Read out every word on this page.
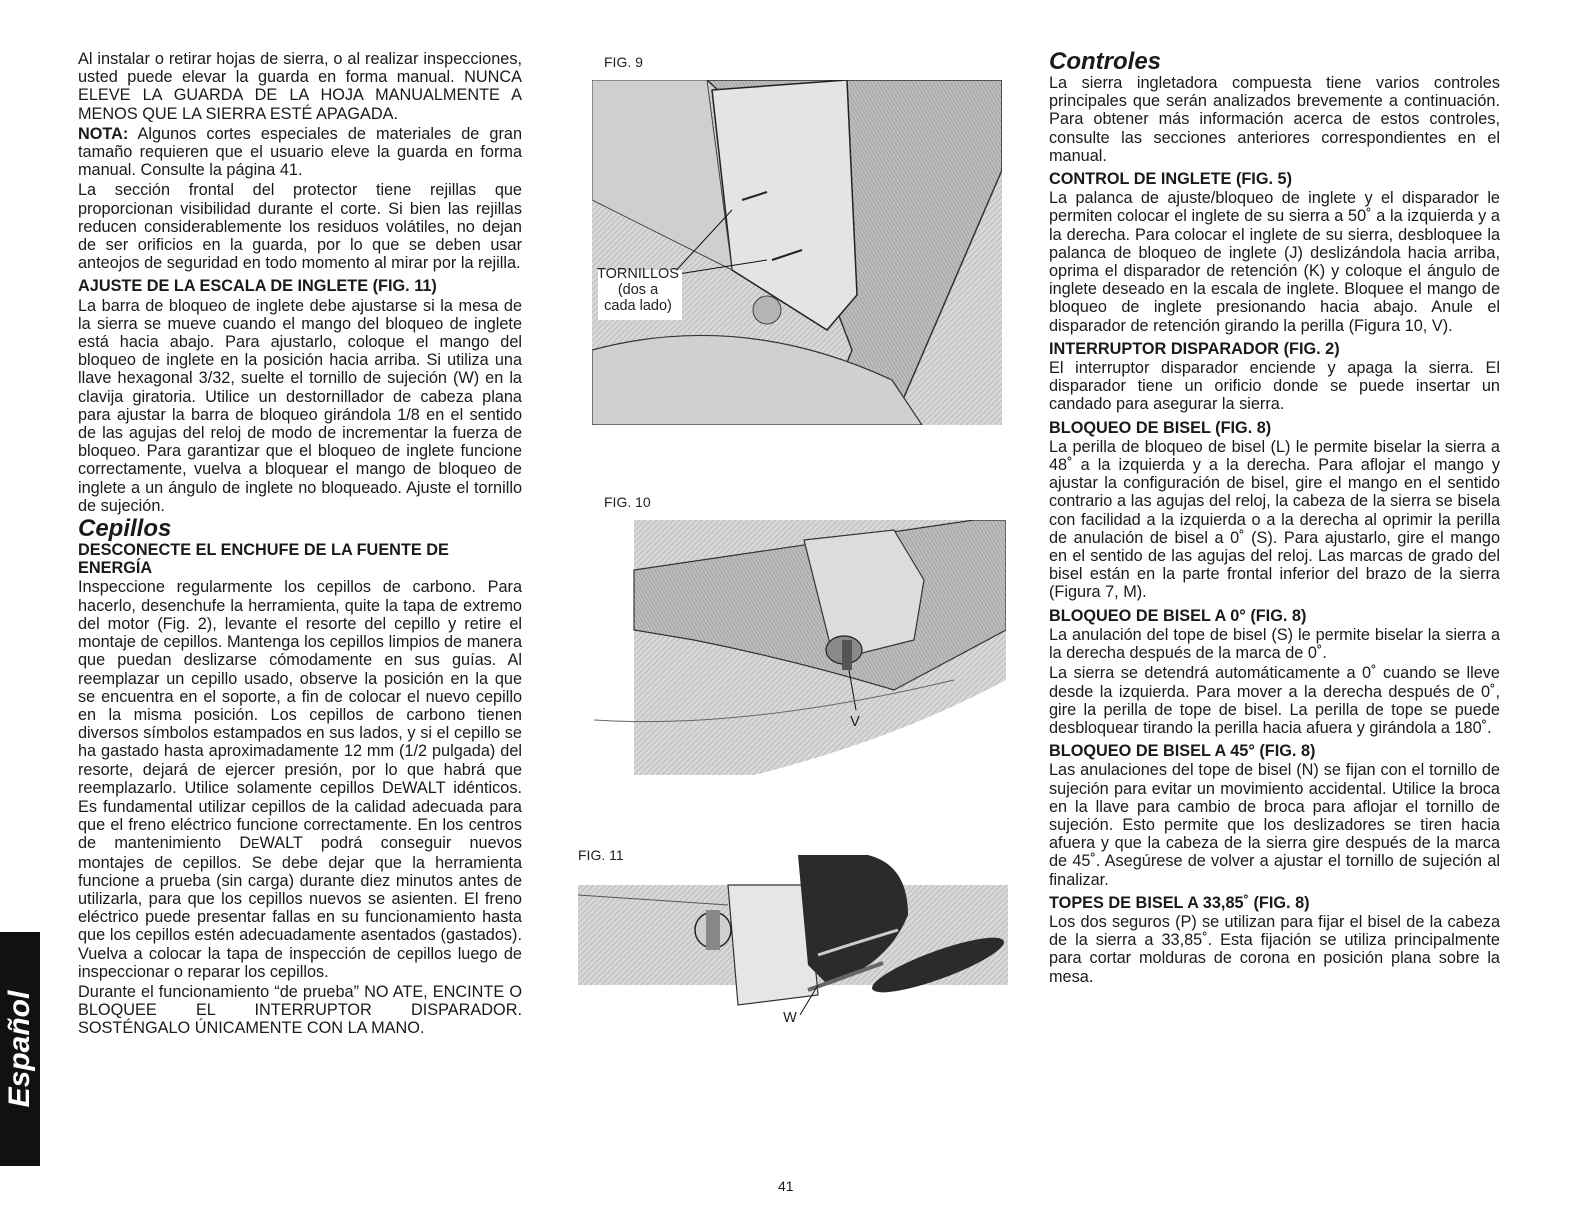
Al instalar o retirar hojas de sierra, o al realizar inspecciones, usted puede elevar la guarda en forma manual. NUNCA ELEVE LA GUARDA DE LA HOJA MANUALMENTE A MENOS QUE LA SIERRA ESTÉ APAGADA.

NOTA: Algunos cortes especiales de materiales de gran tamaño requieren que el usuario eleve la guarda en forma manual. Consulte la página 41.

La sección frontal del protector tiene rejillas que proporcionan visibilidad durante el corte. Si bien las rejillas reducen considerablemente los residuos volátiles, no dejan de ser orificios en la guarda, por lo que se deben usar anteojos de seguridad en todo momento al mirar por la rejilla.

AJUSTE DE LA ESCALA DE INGLETE (FIG. 11)

La barra de bloqueo de inglete debe ajustarse si la mesa de la sierra se mueve cuando el mango del bloqueo de inglete está hacia abajo. Para ajustarlo, coloque el mango del bloqueo de inglete en la posición hacia arriba. Si utiliza una llave hexagonal 3/32, suelte el tornillo de sujeción (W) en la clavija giratoria. Utilice un destornillador de cabeza plana para ajustar la barra de bloqueo girándola 1/8 en el sentido de las agujas del reloj de modo de incrementar la fuerza de bloqueo. Para garantizar que el bloqueo de inglete funcione correctamente, vuelva a bloquear el mango de bloqueo de inglete a un ángulo de inglete no bloqueado. Ajuste el tornillo de sujeción.

Cepillos
DESCONECTE EL ENCHUFE DE LA FUENTE DE ENERGÍA

Inspeccione regularmente los cepillos de carbono. Para hacerlo, desenchufe la herramienta, quite la tapa de extremo del motor (Fig. 2), levante el resorte del cepillo y retire el montaje de cepillos. Mantenga los cepillos limpios de manera que puedan deslizarse cómodamente en sus guías. Al reemplazar un cepillo usado, observe la posición en la que se encuentra en el soporte, a fin de colocar el nuevo cepillo en la misma posición. Los cepillos de carbono tienen diversos símbolos estampados en sus lados, y si el cepillo se ha gastado hasta aproximadamente 12 mm (1/2 pulgada) del resorte, dejará de ejercer presión, por lo que habrá que reemplazarlo. Utilice solamente cepillos DEWALT idénticos. Es fundamental utilizar cepillos de la calidad adecuada para que el freno eléctrico funcione correctamente. En los centros de mantenimiento DEWALT podrá conseguir nuevos montajes de cepillos. Se debe dejar que la herramienta funcione a prueba (sin carga) durante diez minutos antes de utilizarla, para que los cepillos nuevos se asienten. El freno eléctrico puede presentar fallas en su funcionamiento hasta que los cepillos estén adecuadamente asentados (gastados). Vuelva a colocar la tapa de inspección de cepillos luego de inspeccionar o reparar los cepillos.

Durante el funcionamiento “de prueba” NO ATE, ENCINTE O BLOQUEE EL INTERRUPTOR DISPARADOR. SOSTÉNGALO ÚNICAMENTE CON LA MANO.

FIG. 9
TORNILLOS
(dos a
cada lado)
FIG. 10
V
FIG. 11
W
Controles

La sierra ingletadora compuesta tiene varios controles principales que serán analizados brevemente a continuación. Para obtener más información acerca de estos controles, consulte las secciones anteriores correspondientes en el manual.

CONTROL DE INGLETE (FIG. 5)

La palanca de ajuste/bloqueo de inglete y el disparador le permiten colocar el inglete de su sierra a 50˚ a la izquierda y a la derecha. Para colocar el inglete de su sierra, desbloquee la palanca de bloqueo de inglete (J) deslizándola hacia arriba, oprima el disparador de retención (K) y coloque el ángulo de inglete deseado en la escala de inglete. Bloquee el mango de bloqueo de inglete presionando hacia abajo. Anule el disparador de retención girando la perilla (Figura 10, V).

INTERRUPTOR DISPARADOR (FIG. 2)

El interruptor disparador enciende y apaga la sierra. El disparador tiene un orificio donde se puede insertar un candado para asegurar la sierra.

BLOQUEO DE BISEL (FIG. 8)

La perilla de bloqueo de bisel (L) le permite biselar la sierra a 48˚ a la izquierda y a la derecha. Para aflojar el mango y ajustar la configuración de bisel, gire el mango en el sentido contrario a las agujas del reloj, la cabeza de la sierra se bisela con facilidad a la izquierda o a la derecha al oprimir la perilla de anulación de bisel a 0˚ (S). Para ajustarlo, gire el mango en el sentido de las agujas del reloj. Las marcas de grado del bisel están en la parte frontal inferior del brazo de la sierra (Figura 7, M).

BLOQUEO DE BISEL A 0° (FIG. 8)

La anulación del tope de bisel (S) le permite biselar la sierra a la derecha después de la marca de 0˚.

La sierra se detendrá automáticamente a 0˚ cuando se lleve desde la izquierda. Para mover a la derecha después de 0˚, gire la perilla de tope de bisel. La perilla de tope se puede desbloquear tirando la perilla hacia afuera y girándola a 180˚.

BLOQUEO DE BISEL A 45° (FIG. 8)

Las anulaciones del tope de bisel (N) se fijan con el tornillo de sujeción para evitar un movimiento accidental. Utilice la broca en la llave para cambio de broca para aflojar el tornillo de sujeción. Esto permite que los deslizadores se tiren hacia afuera y que la cabeza de la sierra gire después de la marca de 45˚. Asegúrese de volver a ajustar el tornillo de sujeción al finalizar.

TOPES DE BISEL A 33,85˚ (FIG. 8)

Los dos seguros (P) se utilizan para fijar el bisel de la cabeza de la sierra a 33,85˚. Esta fijación se utiliza principalmente para cortar molduras de corona en posición plana sobre la mesa.

Español
41
